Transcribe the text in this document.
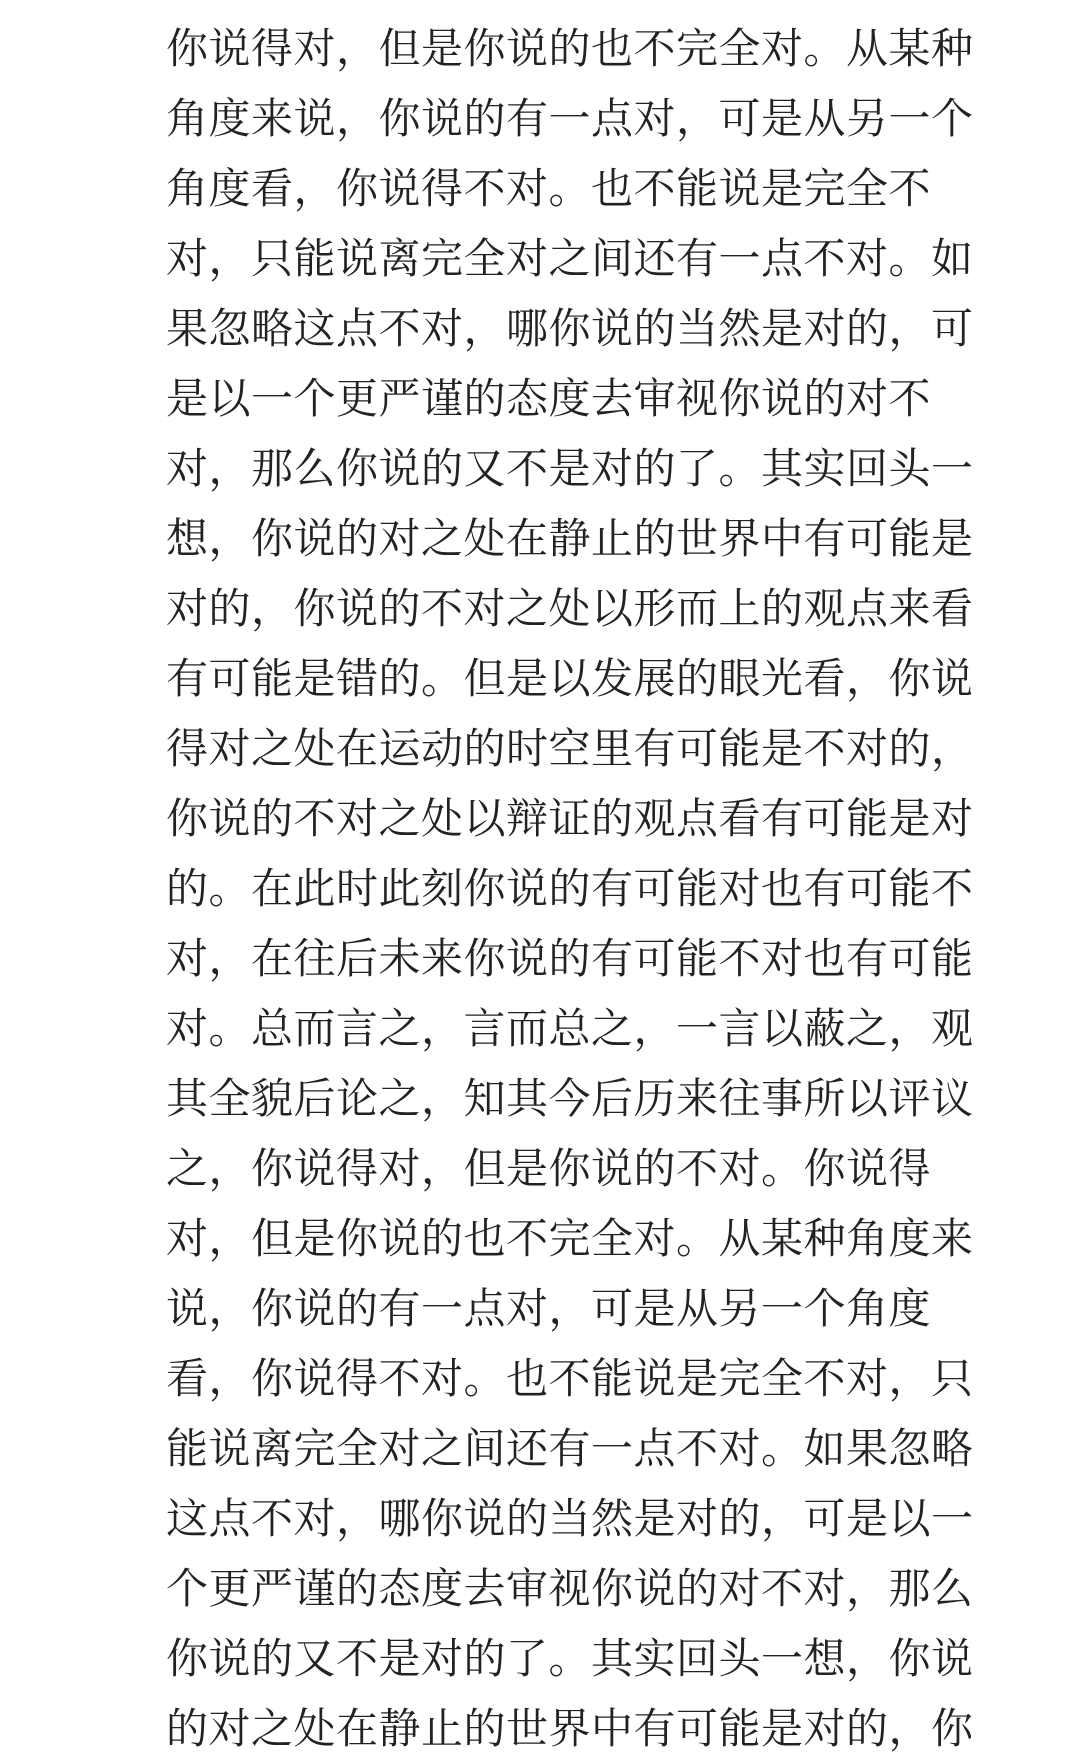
你说得对，但是你说的也不完全对。从某种
角度来说，你说的有一点对，可是从另一个
角度看，你说得不对。也不能说是完全不
对，只能说离完全对之间还有一点不对。如
果忽略这点不对，哪你说的当然是对的，可
是以一个更严谨的态度去审视你说的对不
对，那么你说的又不是对的了。其实回头一
想，你说的对之处在静止的世界中有可能是
对的，你说的不对之处以形而上的观点来看
有可能是错的。但是以发展的眼光看，你说
得对之处在运动的时空里有可能是不对的，
你说的不对之处以辩证的观点看有可能是对
的。在此时此刻你说的有可能对也有可能不
对，在往后未来你说的有可能不对也有可能
对。总而言之，言而总之，一言以蔽之，观
其全貌后论之，知其今后历来往事所以评议
之，你说得对，但是你说的不对。你说得
对，但是你说的也不完全对。从某种角度来
说，你说的有一点对，可是从另一个角度
看，你说得不对。也不能说是完全不对，只
能说离完全对之间还有一点不对。如果忽略
这点不对，哪你说的当然是对的，可是以一
个更严谨的态度去审视你说的对不对，那么
你说的又不是对的了。其实回头一想，你说
的对之处在静止的世界中有可能是对的，你
